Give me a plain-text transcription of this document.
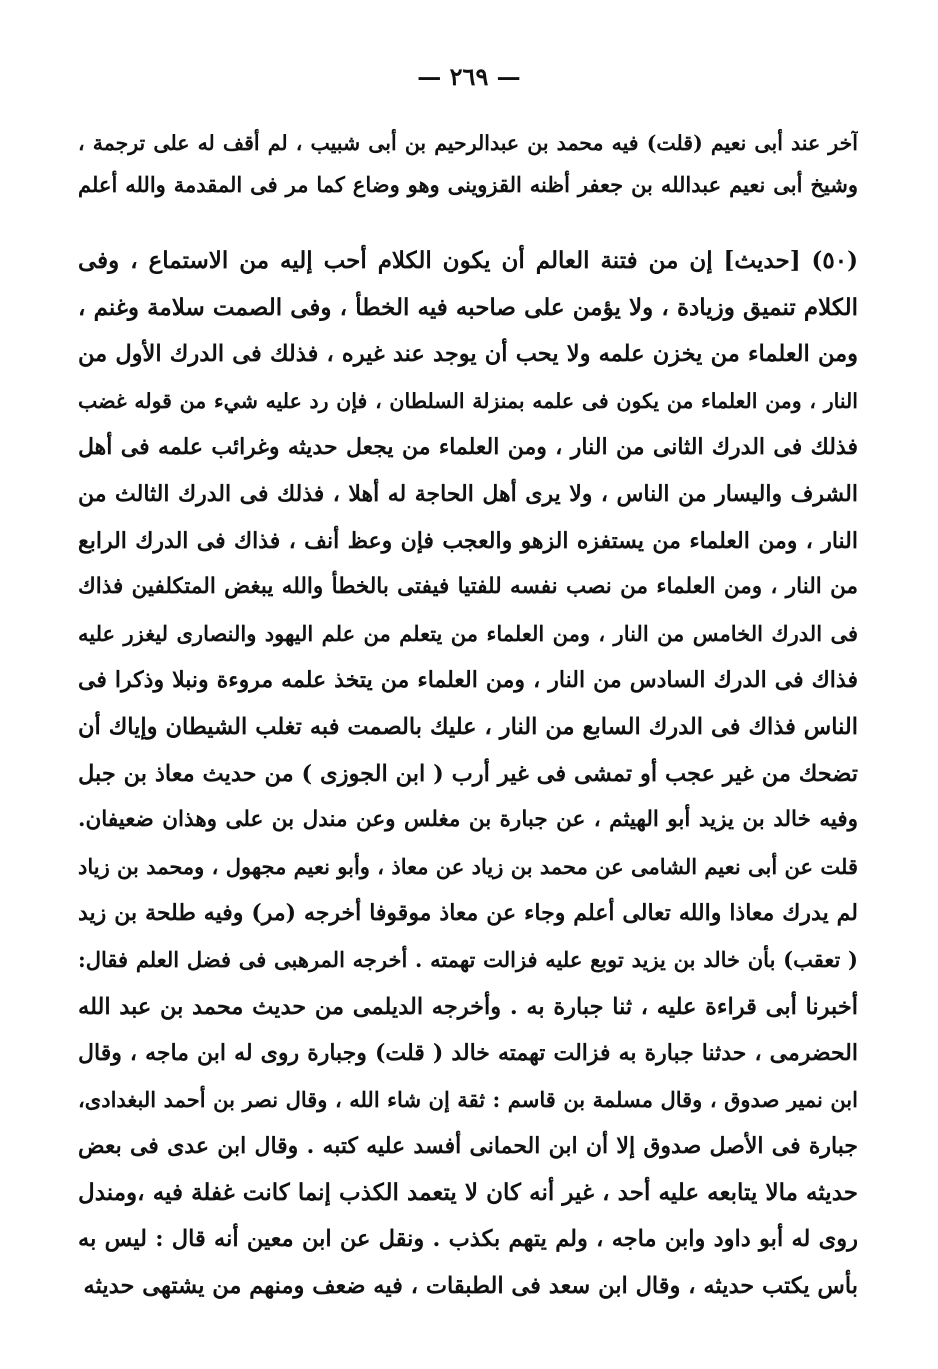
— ٢٦٩ —
آخر عند أبى نعيم (قلت) فيه محمد بن عبدالرحيم بن أبى شبيب ، لم أقف له على ترجمة ،
وشيخ أبى نعيم عبدالله بن جعفر أظنه القزوينى وهو وضاع كما مر فى المقدمة والله أعلم
(٥٠) [حديث] إن من فتنة العالم أن يكون الكلام أحب إليه من الاستماع ، وفى
الكلام تنميق وزيادة ، ولا يؤمن على صاحبه فيه الخطأ ، وفى الصمت سلامة وغنم ،
ومن العلماء من يخزن علمه ولا يحب أن يوجد عند غيره ، فذلك فى الدرك الأول من
النار ، ومن العلماء من يكون فى علمه بمنزلة السلطان ، فإن رد عليه شيء من قوله غضب
فذلك فى الدرك الثانى من النار ، ومن العلماء من يجعل حديثه وغرائب علمه فى أهل
الشرف واليسار من الناس ، ولا يرى أهل الحاجة له أهلا ، فذلك فى الدرك الثالث من
النار ، ومن العلماء من يستفزه الزهو والعجب فإن وعظ أنف ، فذاك فى الدرك الرابع
من النار ، ومن العلماء من نصب نفسه للفتيا فيفتى بالخطأ والله يبغض المتكلفين فذاك
فى الدرك الخامس من النار ، ومن العلماء من يتعلم من علم اليهود والنصارى ليغزر عليه
فذاك فى الدرك السادس من النار ، ومن العلماء من يتخذ علمه مروءة ونبلا وذكرا فى
الناس فذاك فى الدرك السابع من النار ، عليك بالصمت فبه تغلب الشيطان وإياك أن
تضحك من غير عجب أو تمشى فى غير أرب ( ابن الجوزى ) من حديث معاذ بن جبل
وفيه خالد بن يزيد أبو الهيثم ، عن جبارة بن مغلس وعن مندل بن على وهذان ضعيفان.
قلت عن أبى نعيم الشامى عن محمد بن زياد عن معاذ ، وأبو نعيم مجهول ، ومحمد بن زياد
لم يدرك معاذا والله تعالى أعلم وجاء عن معاذ موقوفا أخرجه (مر) وفيه طلحة بن زيد
( تعقب) بأن خالد بن يزيد توبع عليه فزالت تهمته . أخرجه المرهبى فى فضل العلم فقال:
أخبرنا أبى قراءة عليه ، ثنا جبارة به . وأخرجه الديلمى من حديث محمد بن عبد الله
الحضرمى ، حدثنا جبارة به فزالت تهمته خالد ( قلت) وجبارة روى له ابن ماجه ، وقال
ابن نمير صدوق ، وقال مسلمة بن قاسم : ثقة إن شاء الله ، وقال نصر بن أحمد البغدادى،
جبارة فى الأصل صدوق إلا أن ابن الحمانى أفسد عليه كتبه . وقال ابن عدى فى بعض
حديثه مالا يتابعه عليه أحد ، غير أنه كان لا يتعمد الكذب إنما كانت غفلة فيه ،ومندل
روى له أبو داود وابن ماجه ، ولم يتهم بكذب . ونقل عن ابن معين أنه قال : ليس به
بأس يكتب حديثه ، وقال ابن سعد فى الطبقات ، فيه ضعف ومنهم من يشتهى حديثه
